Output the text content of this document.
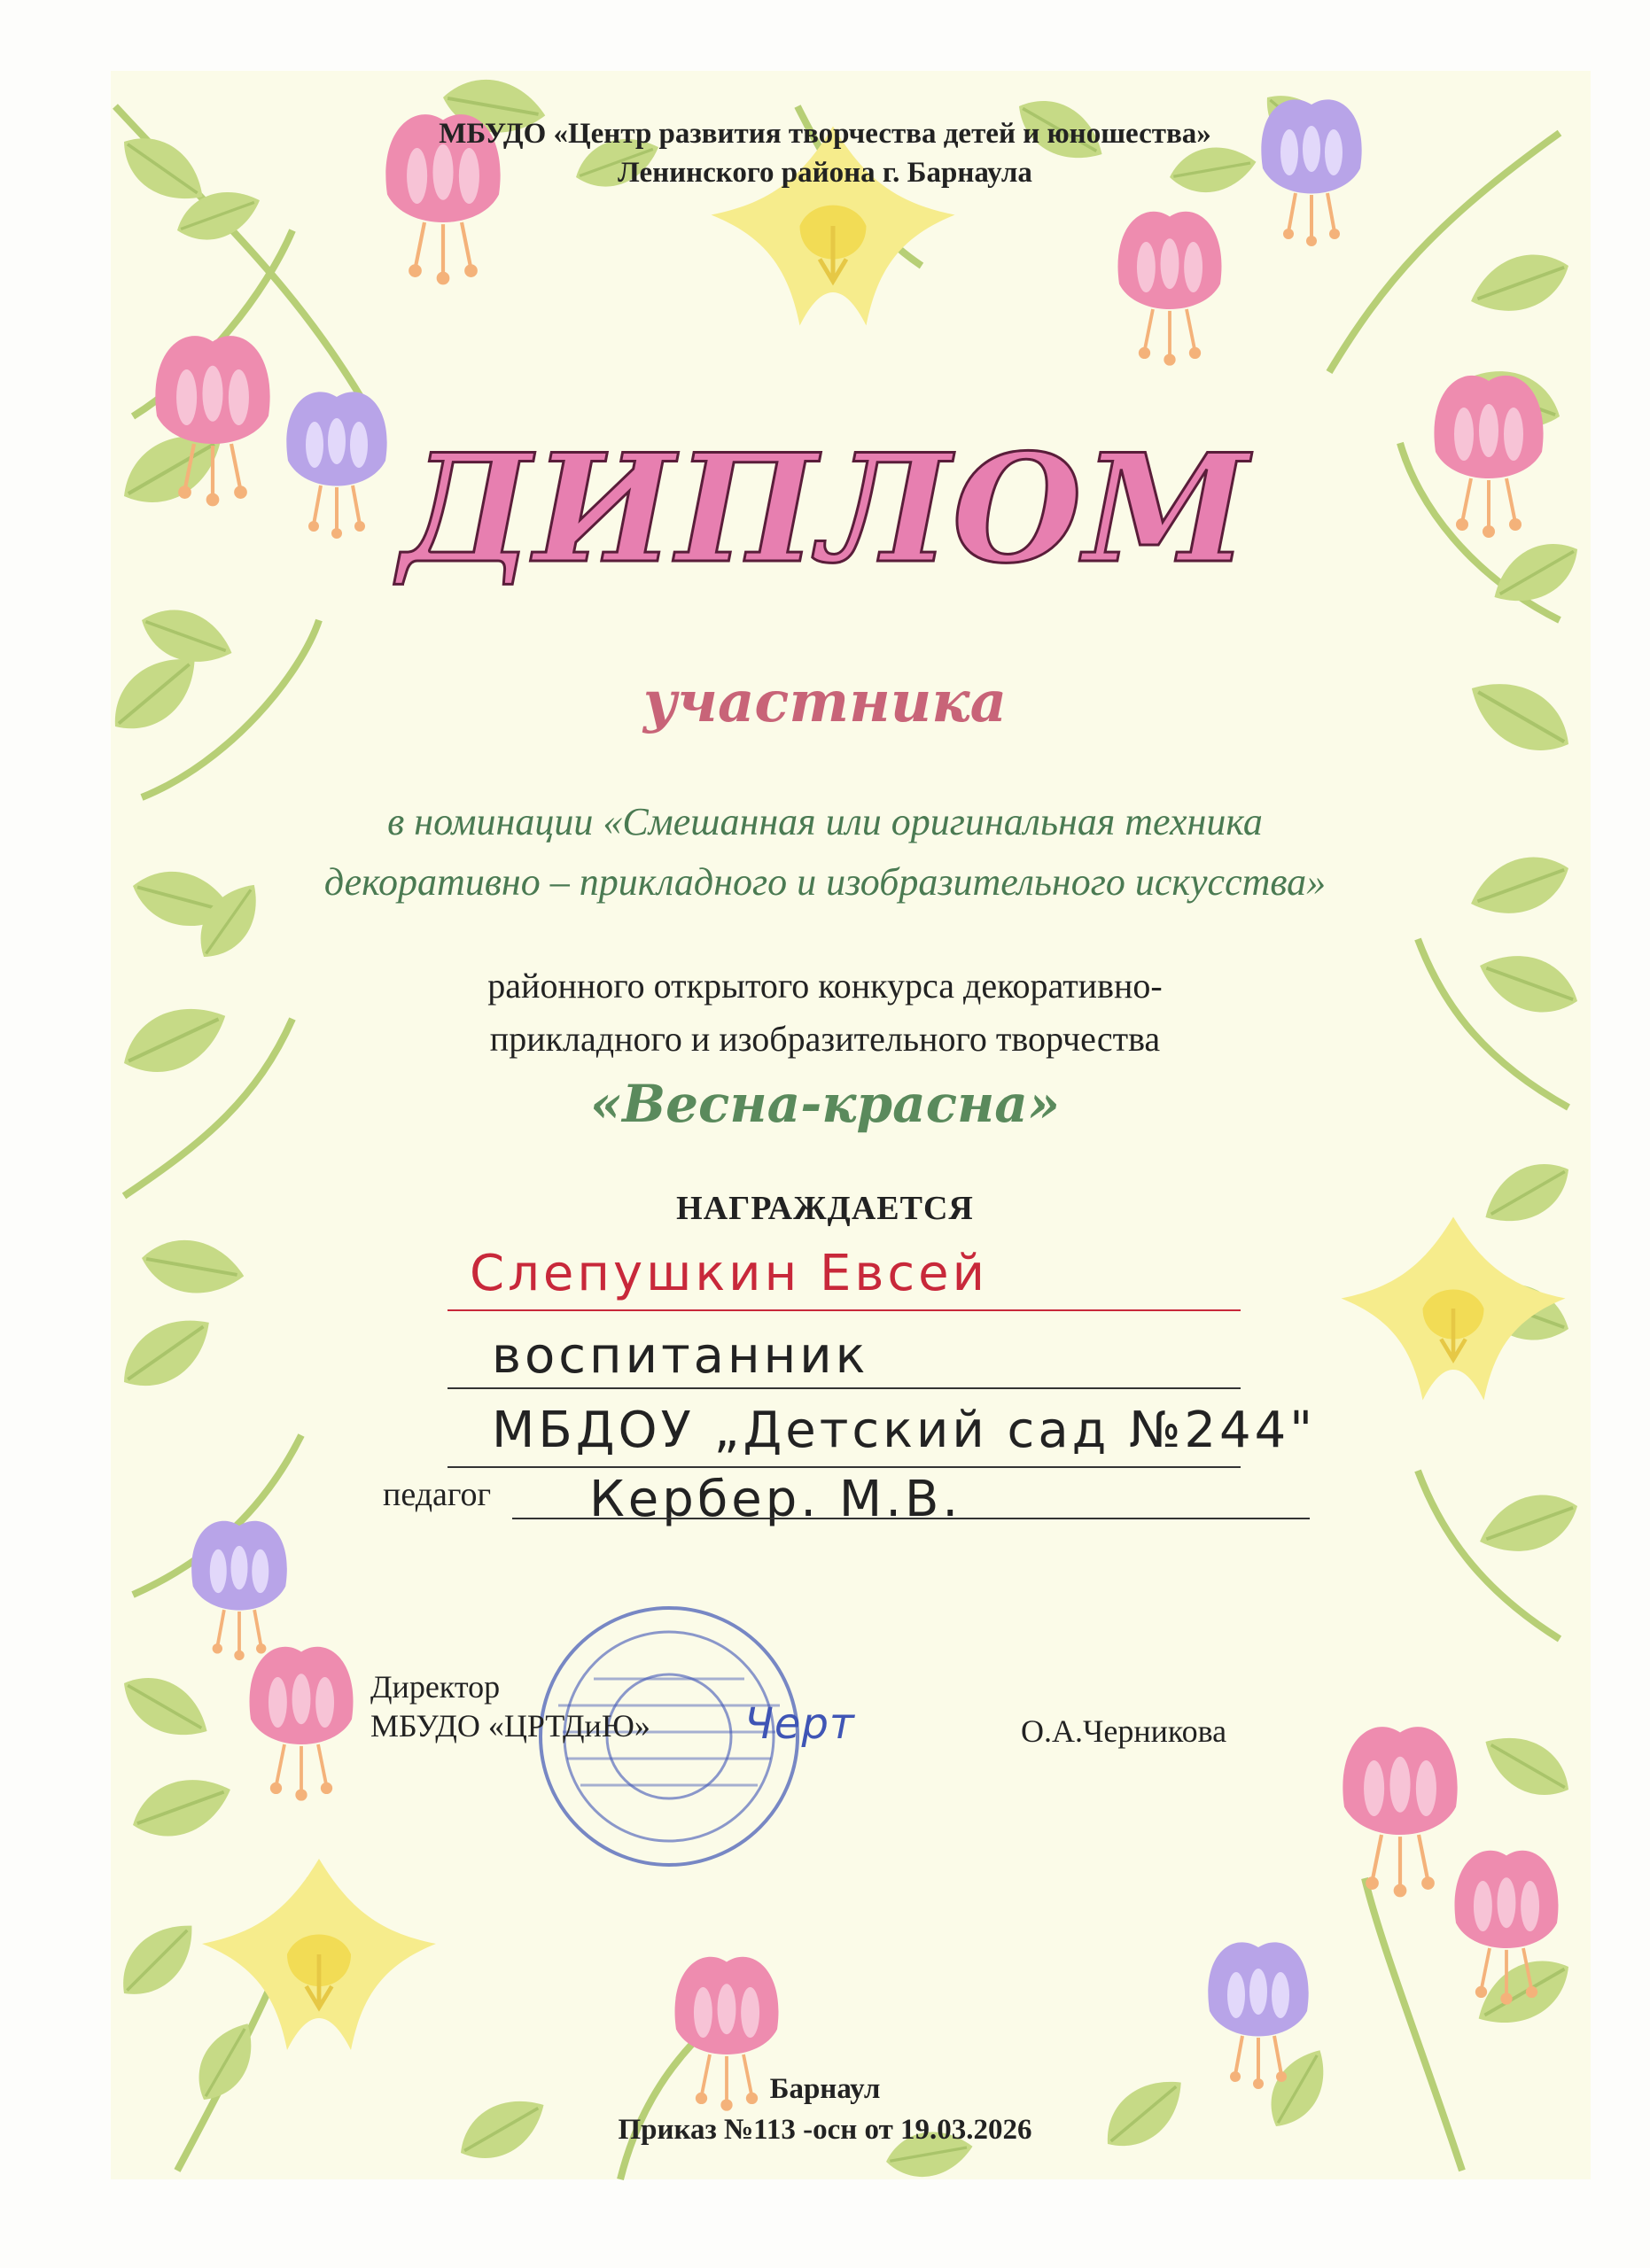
МБУДО «Центр развития творчества детей и юношества»
Ленинского района г. Барнаула
ДИПЛОМ
участника
в номинации «Смешанная или оригинальная техника
декоративно – прикладного и изобразительного искусства»
районного открытого конкурса декоративно-
прикладного и изобразительного творчества
«Весна-красна»
НАГРАЖДАЕТСЯ
Слепушкин Евсей
воспитанник
МБДОУ „Детский сад №244"
педагог Кербер. М.В.
Директор
МБУДО «ЦРТДиЮ» Черт	О.А.Черникова
Барнаул
Приказ №113 -осн от 19.03.2026
